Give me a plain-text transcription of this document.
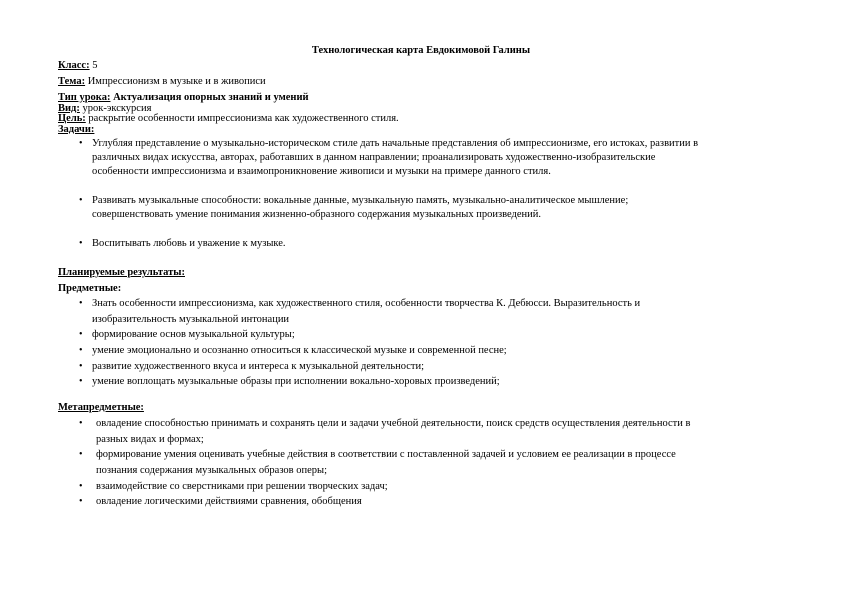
Технологическая карта Евдокимовой Галины
Класс: 5
Тема: Импрессионизм в музыке и в живописи
Тип урока: Актуализация опорных знаний и умений
Вид: урок-экскурсия
Цель: раскрытие особенности импрессионизма как художественного стиля.
Задачи:
• Углубляя представление о музыкально-историческом стиле дать начальные представления об импрессионизме, его истоках, развитии в
различных видах искусства, авторах, работавших в данном направлении; проанализировать художественно-изобразительские
особенности импрессионизма и взаимопроникновение живописи и музыки на примере данного стиля.
• Развивать музыкальные способности: вокальные данные, музыкальную память, музыкально-аналитическое мышление;
совершенствовать умение понимания жизненно-образного содержания музыкальных произведений.
• Воспитывать любовь и уважение к музыке.
Планируемые результаты:
Предметные:
• Знать особенности импрессионизма, как художественного стиля, особенности творчества К. Дебюсси. Выразительность и
изобразительность музыкальной интонации
• формирование основ музыкальной культуры;
• умение эмоционально и осознанно относиться к классической музыке и современной песне;
• развитие художественного вкуса и интереса к музыкальной деятельности;
• умение воплощать музыкальные образы при исполнении вокально-хоровых произведений;
Метапредметные:
• овладение способностью принимать и сохранять цели и задачи учебной деятельности, поиск средств осуществления деятельности в
разных видах и формах;
• формирование умения оценивать учебные действия в соответствии с поставленной задачей и условием ее реализации в процессе
познания содержания музыкальных образов оперы;
• взаимодействие со сверстниками при решении творческих задач;
• овладение логическими действиями сравнения, обобщения
